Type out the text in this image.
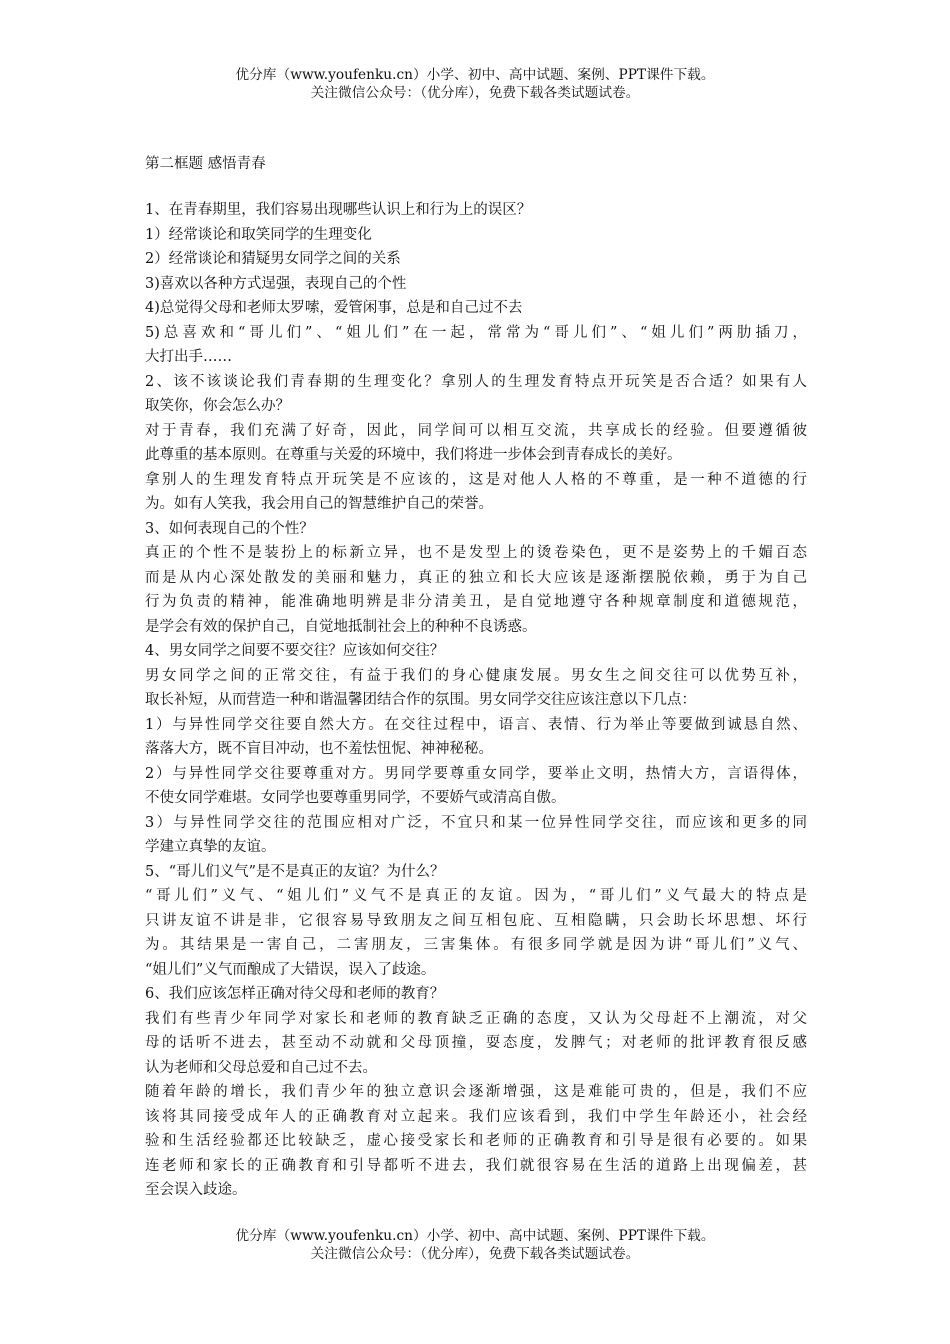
优分库（www.youfenku.cn）小学、初中、高中试题、案例、PPT课件下载。
关注微信公众号：（优分库），免费下载各类试题试卷。
第二框题 感悟青春
1、在青春期里，我们容易出现哪些认识上和行为上的误区？
1）经常谈论和取笑同学的生理变化
2）经常谈论和猜疑男女同学之间的关系
3)喜欢以各种方式逞强，表现自己的个性
4)总觉得父母和老师太罗嗦，爱管闲事，总是和自己过不去
5)总喜欢和“哥儿们”、“姐儿们”在一起，常常为“哥儿们”、“姐儿们”两肋插刀，
大打出手……
2、该不该谈论我们青春期的生理变化？拿别人的生理发育特点开玩笑是否合适？如果有人
取笑你，你会怎么办？
对于青春，我们充满了好奇，因此，同学间可以相互交流，共享成长的经验。但要遵循彼
此尊重的基本原则。在尊重与关爱的环境中，我们将进一步体会到青春成长的美好。
拿别人的生理发育特点开玩笑是不应该的，这是对他人人格的不尊重，是一种不道德的行
为。如有人笑我，我会用自己的智慧维护自己的荣誉。
3、如何表现自己的个性？
真正的个性不是装扮上的标新立异，也不是发型上的烫卷染色，更不是姿势上的千媚百态
而是从内心深处散发的美丽和魅力，真正的独立和长大应该是逐渐摆脱依赖，勇于为自己
行为负责的精神，能准确地明辨是非分清美丑，是自觉地遵守各种规章制度和道德规范，
是学会有效的保护自己，自觉地抵制社会上的种种不良诱惑。
4、男女同学之间要不要交往？应该如何交往？
男女同学之间的正常交往，有益于我们的身心健康发展。男女生之间交往可以优势互补，
取长补短，从而营造一种和谐温馨团结合作的氛围。男女同学交往应该注意以下几点：
1）与异性同学交往要自然大方。在交往过程中，语言、表情、行为举止等要做到诚恳自然、
落落大方，既不盲目冲动，也不羞怯忸怩、神神秘秘。
2）与异性同学交往要尊重对方。男同学要尊重女同学，要举止文明，热情大方，言语得体，
不使女同学难堪。女同学也要尊重男同学，不要娇气或清高自傲。
3）与异性同学交往的范围应相对广泛，不宜只和某一位异性同学交往，而应该和更多的同
学建立真挚的友谊。
5、“哥儿们义气”是不是真正的友谊？为什么？
“哥儿们”义气、“姐儿们”义气不是真正的友谊。因为，“哥儿们”义气最大的特点是
只讲友谊不讲是非，它很容易导致朋友之间互相包庇、互相隐瞒，只会助长坏思想、坏行
为。其结果是一害自己，二害朋友，三害集体。有很多同学就是因为讲“哥儿们”义气、
“姐儿们”义气而酿成了大错误，误入了歧途。
6、我们应该怎样正确对待父母和老师的教育？
我们有些青少年同学对家长和老师的教育缺乏正确的态度，又认为父母赶不上潮流，对父
母的话听不进去，甚至动不动就和父母顶撞，耍态度，发脾气；对老师的批评教育很反感
认为老师和父母总爱和自己过不去。
随着年龄的增长，我们青少年的独立意识会逐渐增强，这是难能可贵的，但是，我们不应
该将其同接受成年人的正确教育对立起来。我们应该看到，我们中学生年龄还小，社会经
验和生活经验都还比较缺乏，虚心接受家长和老师的正确教育和引导是很有必要的。如果
连老师和家长的正确教育和引导都听不进去，我们就很容易在生活的道路上出现偏差，甚
至会误入歧途。
优分库（www.youfenku.cn）小学、初中、高中试题、案例、PPT课件下载。
关注微信公众号：（优分库），免费下载各类试题试卷。
